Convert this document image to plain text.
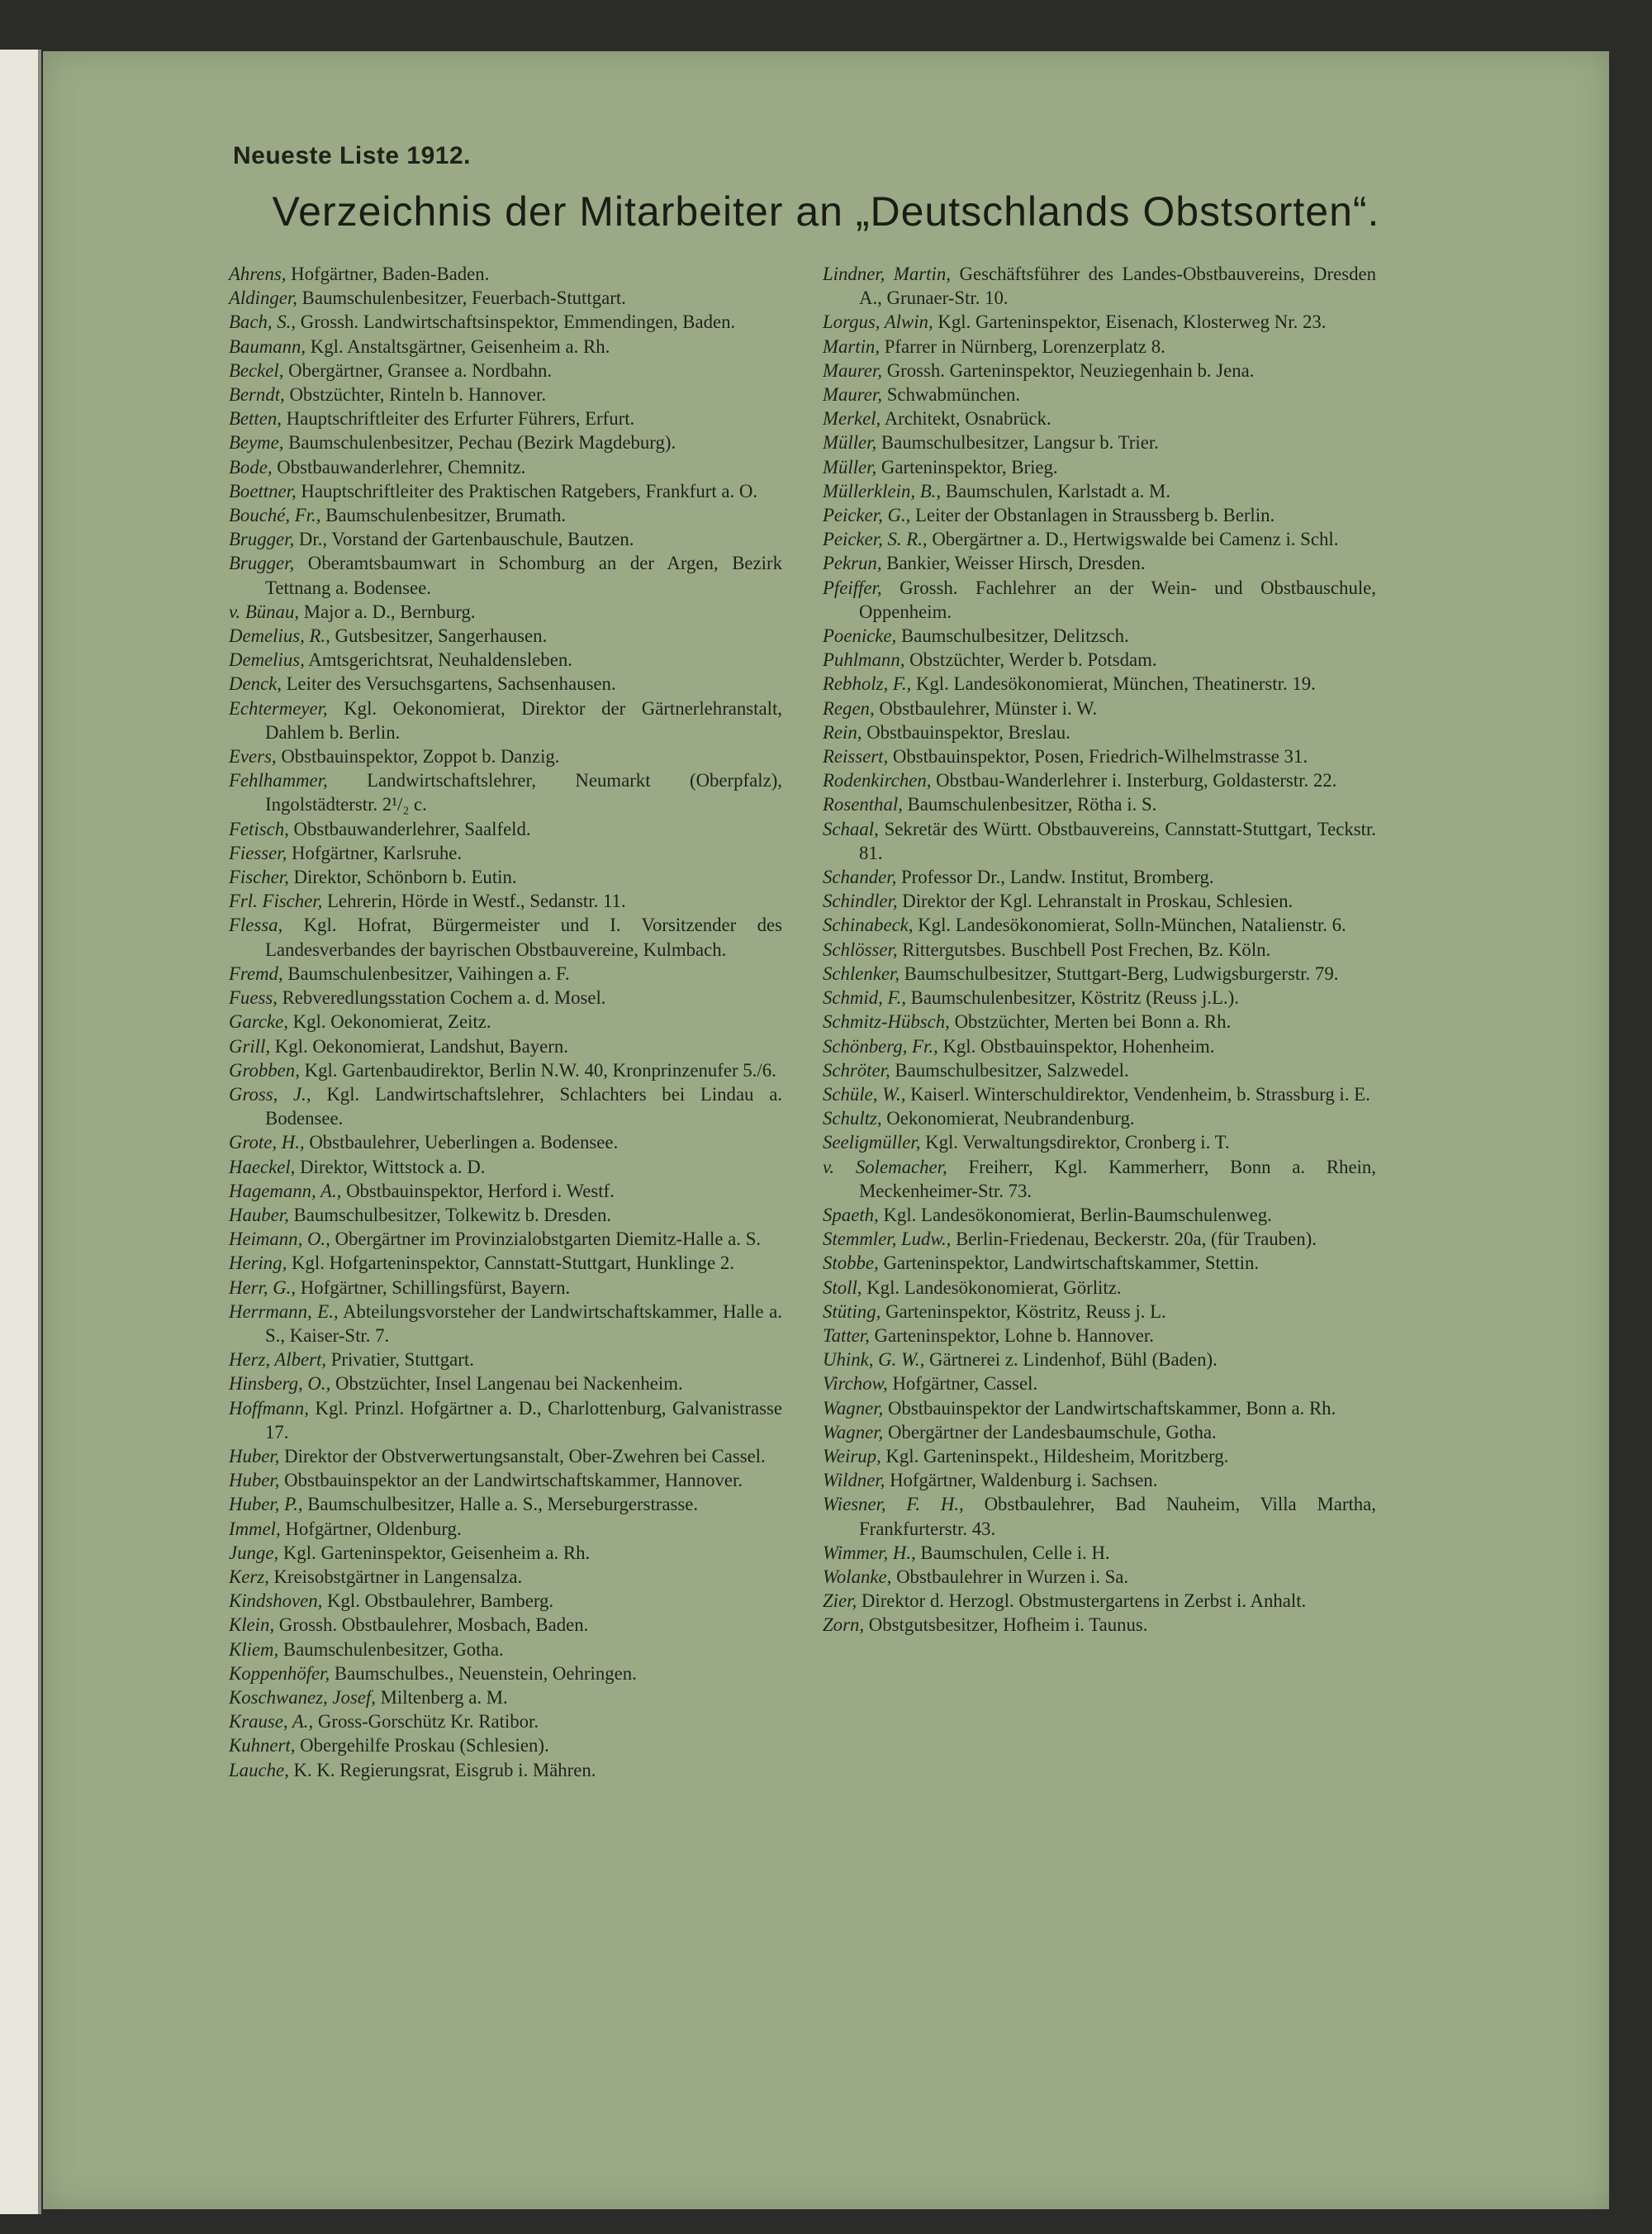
Neueste Liste 1912.
Verzeichnis der Mitarbeiter an „Deutschlands Obstsorten“.
Ahrens, Hofgärtner, Baden-Baden.
Aldinger, Baumschulenbesitzer, Feuerbach-Stuttgart.
Bach, S., Grossh. Landwirtschaftsinspektor, Emmendingen, Baden.
Baumann, Kgl. Anstaltsgärtner, Geisenheim a. Rh.
Beckel, Obergärtner, Gransee a. Nordbahn.
Berndt, Obstzüchter, Rinteln b. Hannover.
Betten, Hauptschriftleiter des Erfurter Führers, Erfurt.
Beyme, Baumschulenbesitzer, Pechau (Bezirk Magdeburg).
Bode, Obstbauwanderlehrer, Chemnitz.
Boettner, Hauptschriftleiter des Praktischen Ratgebers, Frankfurt a. O.
Bouché, Fr., Baumschulenbesitzer, Brumath.
Brugger, Dr., Vorstand der Gartenbauschule, Bautzen.
Brugger, Oberamtsbaumwart in Schomburg an der Argen, Bezirk Tettnang a. Bodensee.
v. Bünau, Major a. D., Bernburg.
Demelius, R., Gutsbesitzer, Sangerhausen.
Demelius, Amtsgerichtsrat, Neuhaldensleben.
Denck, Leiter des Versuchsgartens, Sachsenhausen.
Echtermeyer, Kgl. Oekonomierat, Direktor der Gärtnerlehranstalt, Dahlem b. Berlin.
Evers, Obstbauinspektor, Zoppot b. Danzig.
Fehlhammer, Landwirtschaftslehrer, Neumarkt (Oberpfalz), Ingolstädterstr. 2¹/₂ c.
Fetisch, Obstbauwanderlehrer, Saalfeld.
Fiesser, Hofgärtner, Karlsruhe.
Fischer, Direktor, Schönborn b. Eutin.
Frl. Fischer, Lehrerin, Hörde in Westf., Sedanstr. 11.
Flessa, Kgl. Hofrat, Bürgermeister und I. Vorsitzender des Landesverbandes der bayrischen Obstbauvereine, Kulmbach.
Fremd, Baumschulenbesitzer, Vaihingen a. F.
Fuess, Rebveredlungsstation Cochem a. d. Mosel.
Garcke, Kgl. Oekonomierat, Zeitz.
Grill, Kgl. Oekonomierat, Landshut, Bayern.
Grobben, Kgl. Gartenbaudirektor, Berlin N.W. 40, Kronprinzenufer 5./6.
Gross, J., Kgl. Landwirtschaftslehrer, Schlachters bei Lindau a. Bodensee.
Grote, H., Obstbaulehrer, Ueberlingen a. Bodensee.
Haeckel, Direktor, Wittstock a. D.
Hagemann, A., Obstbauinspektor, Herford i. Westf.
Hauber, Baumschulbesitzer, Tolkewitz b. Dresden.
Heimann, O., Obergärtner im Provinzialobstgarten Diemitz-Halle a. S.
Hering, Kgl. Hofgarteninspektor, Cannstatt-Stuttgart, Hunklinge 2.
Herr, G., Hofgärtner, Schillingsfürst, Bayern.
Herrmann, E., Abteilungsvorsteher der Landwirtschaftskammer, Halle a. S., Kaiser-Str. 7.
Herz, Albert, Privatier, Stuttgart.
Hinsberg, O., Obstzüchter, Insel Langenau bei Nackenheim.
Hoffmann, Kgl. Prinzl. Hofgärtner a. D., Charlottenburg, Galvanistrasse 17.
Huber, Direktor der Obstverwertungsanstalt, Ober-Zwehren bei Cassel.
Huber, Obstbauinspektor an der Landwirtschaftskammer, Hannover.
Huber, P., Baumschulbesitzer, Halle a. S., Merseburgerstrasse.
Immel, Hofgärtner, Oldenburg.
Junge, Kgl. Garteninspektor, Geisenheim a. Rh.
Kerz, Kreisobstgärtner in Langensalza.
Kindshoven, Kgl. Obstbaulehrer, Bamberg.
Klein, Grossh. Obstbaulehrer, Mosbach, Baden.
Kliem, Baumschulenbesitzer, Gotha.
Koppenhöfer, Baumschulbes., Neuenstein, Oehringen.
Koschwanez, Josef, Miltenberg a. M.
Krause, A., Gross-Gorschütz Kr. Ratibor.
Kuhnert, Obergehilfe Proskau (Schlesien).
Lauche, K. K. Regierungsrat, Eisgrub i. Mähren.
Lindner, Martin, Geschäftsführer des Landes-Obstbauvereins, Dresden A., Grunaer-Str. 10.
Lorgus, Alwin, Kgl. Garteninspektor, Eisenach, Klosterweg Nr. 23.
Martin, Pfarrer in Nürnberg, Lorenzerplatz 8.
Maurer, Grossh. Garteninspektor, Neuziegenhain b. Jena.
Maurer, Schwabmünchen.
Merkel, Architekt, Osnabrück.
Müller, Baumschulbesitzer, Langsur b. Trier.
Müller, Garteninspektor, Brieg.
Müllerklein, B., Baumschulen, Karlstadt a. M.
Peicker, G., Leiter der Obstanlagen in Straussberg b. Berlin.
Peicker, S. R., Obergärtner a. D., Hertwigswalde bei Camenz i. Schl.
Pekrun, Bankier, Weisser Hirsch, Dresden.
Pfeiffer, Grossh. Fachlehrer an der Wein- und Obstbauschule, Oppenheim.
Poenicke, Baumschulbesitzer, Delitzsch.
Puhlmann, Obstzüchter, Werder b. Potsdam.
Rebholz, F., Kgl. Landesökonomierat, München, Theatinerstr. 19.
Regen, Obstbaulehrer, Münster i. W.
Rein, Obstbauinspektor, Breslau.
Reissert, Obstbauinspektor, Posen, Friedrich-Wilhelmstrasse 31.
Rodenkirchen, Obstbau-Wanderlehrer i. Insterburg, Goldasterstr. 22.
Rosenthal, Baumschulenbesitzer, Rötha i. S.
Schaal, Sekretär des Württ. Obstbauvereins, Cannstatt-Stuttgart, Teckstr. 81.
Schander, Professor Dr., Landw. Institut, Bromberg.
Schindler, Direktor der Kgl. Lehranstalt in Proskau, Schlesien.
Schinabeck, Kgl. Landesökonomierat, Solln-München, Natalienstr. 6.
Schlösser, Rittergutsbes. Buschbell Post Frechen, Bz. Köln.
Schlenker, Baumschulbesitzer, Stuttgart-Berg, Ludwigsburgerstr. 79.
Schmid, F., Baumschulenbesitzer, Köstritz (Reuss j.L.).
Schmitz-Hübsch, Obstzüchter, Merten bei Bonn a. Rh.
Schönberg, Fr., Kgl. Obstbauinspektor, Hohenheim.
Schröter, Baumschulbesitzer, Salzwedel.
Schüle, W., Kaiserl. Winterschuldirektor, Vendenheim, b. Strassburg i. E.
Schultz, Oekonomierat, Neubrandenburg.
Seeligmüller, Kgl. Verwaltungsdirektor, Cronberg i. T.
v. Solemacher, Freiherr, Kgl. Kammerherr, Bonn a. Rhein, Meckenheimer-Str. 73.
Spaeth, Kgl. Landesökonomierat, Berlin-Baumschulenweg.
Stemmler, Ludw., Berlin-Friedenau, Beckerstr. 20a, (für Trauben).
Stobbe, Garteninspektor, Landwirtschaftskammer, Stettin.
Stoll, Kgl. Landesökonomierat, Görlitz.
Stüting, Garteninspektor, Köstritz, Reuss j. L.
Tatter, Garteninspektor, Lohne b. Hannover.
Uhink, G. W., Gärtnerei z. Lindenhof, Bühl (Baden).
Virchow, Hofgärtner, Cassel.
Wagner, Obstbauinspektor der Landwirtschaftskammer, Bonn a. Rh.
Wagner, Obergärtner der Landesbaumschule, Gotha.
Weirup, Kgl. Garteninspekt., Hildesheim, Moritzberg.
Wildner, Hofgärtner, Waldenburg i. Sachsen.
Wiesner, F. H., Obstbaulehrer, Bad Nauheim, Villa Martha, Frankfurterstr. 43.
Wimmer, H., Baumschulen, Celle i. H.
Wolanke, Obstbaulehrer in Wurzen i. Sa.
Zier, Direktor d. Herzogl. Obstmustergartens in Zerbst i. Anhalt.
Zorn, Obstgutsbesitzer, Hofheim i. Taunus.
